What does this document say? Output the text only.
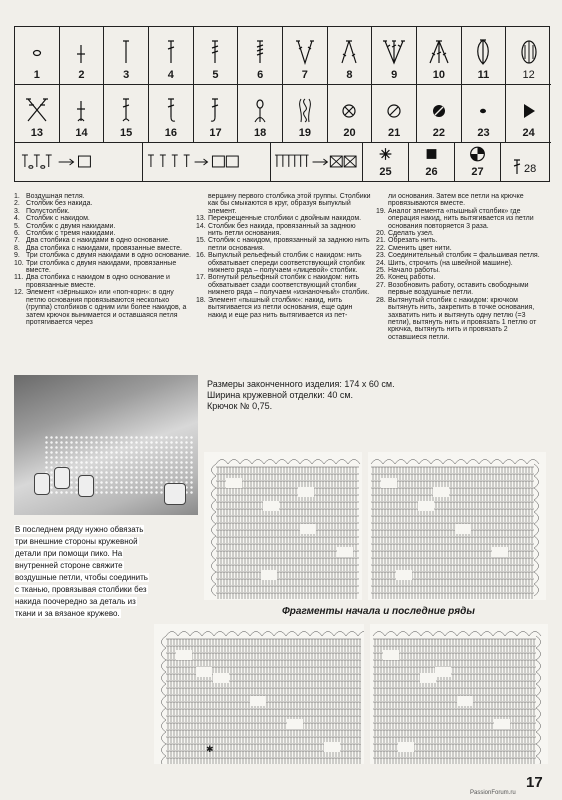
1	2	3	4	5	6	7	8	9	10	11	12
13	14	15	16	17	18	19	20	21	22	23	24
25	26	27	28
1. Воздушная петля.
2. Столбик без накида.
3. Полустолбик.
4. Столбик с накидом.
5. Столбик с двумя накидами.
6. Столбик с тремя накидами.
7. Два столбика с накидами в одно основание.
8. Два столбика с накидами, провязанные вместе.
9. Три столбика с двумя накидами в одно основание.
10. Три столбика с двумя накидами, провязанные вместе.
11. Два столбика с накидом в одно основание и провязанные вместе.
12. Элемент «зёрнышко» или «поп-корн»: в одну петлю основания провязываются несколько (группа) столбиков с одним или более накидов, а затем крючок вынимается и оставшаяся петля протягивается через
вершину первого столбика этой группы. Столбики как бы смыкаются в круг, образуя выпуклый элемент.
13. Перекрещенные столбики с двойным накидом.
14. Столбик без накида, провязанный за заднюю нить петли основания.
15. Столбик с накидом, провязанный за заднюю нить петли основания.
16. Выпуклый рельефный столбик с накидом: нить обхватывает спереди соответствующий столбик нижнего ряда – получаем «лицевой» столбик.
17. Вогнутый рельефный столбик с накидом: нить обхватывает сзади соответствующий столбик нижнего ряда – получаем «изнаночный» столбик.
18. Элемент «пышный столбик»: накид, нить вытягивается из петли основания, еще один накид и еще раз нить вытягивается из пет-
ли основания. Затем все петли на крючке провязываются вместе.
19. Аналог элемента «пышный столбик» где операция накид, нить вытягивается из петли основания повторяется 3 раза.
20. Сделать узел.
21. Обрезать нить.
22. Сменить цвет нити.
23. Соединительный столбик = фальшивая петля.
24. Шить, строчить (на швейной машине).
25. Начало работы.
26. Конец работы.
27. Возобновить работу, оставить свободными первые воздушные петли.
28. Вытянутый столбик с накидом: крючком вытянуть нить, закрепить в точке основания, захватить нить и вытянуть одну петлю (=3 петли), вытянуть нить и провязать 1 петлю от крючка, вытянуть нить и провязать 2 оставшиеся петли.
Размеры законченного изделия: 174 х 60 см.
Ширина кружевной отделки: 40 см.
Крючок № 0,75.
В последнем ряду нужно обвязать три внешние стороны кружевной детали при помощи пико. На внутренней стороне свяжите воздушные петли, чтобы соединить с тканью, провязывая столбики без накида поочередно за деталь из ткани и за вязаное кружево.	Фрагменты начала и последние ряды
✱
17
PassionForum.ru
